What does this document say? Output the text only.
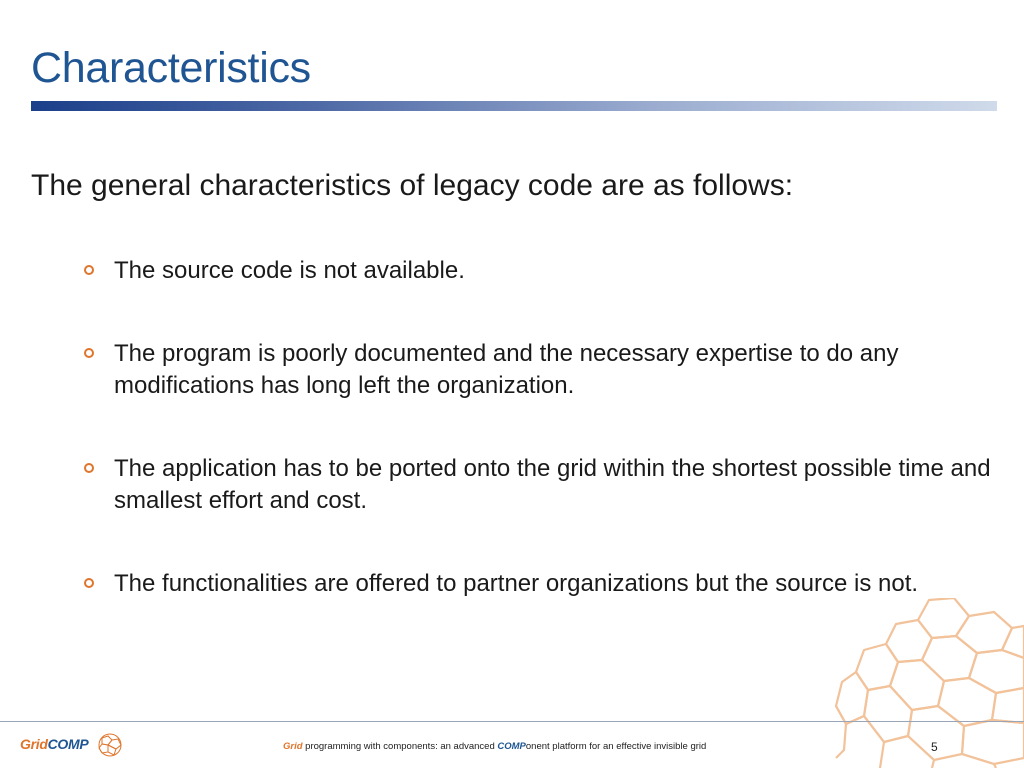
Characteristics
The general characteristics of legacy code are as follows:
The source code is not available.
The program is poorly documented and the necessary expertise to do any modifications has long left the organization.
The application has to be ported onto the grid within the shortest possible time and smallest effort and cost.
The functionalities are offered to partner organizations but the source is not.
GridCOMP	Grid programming with components: an advanced COMPonent platform for an effective invisible grid	5
